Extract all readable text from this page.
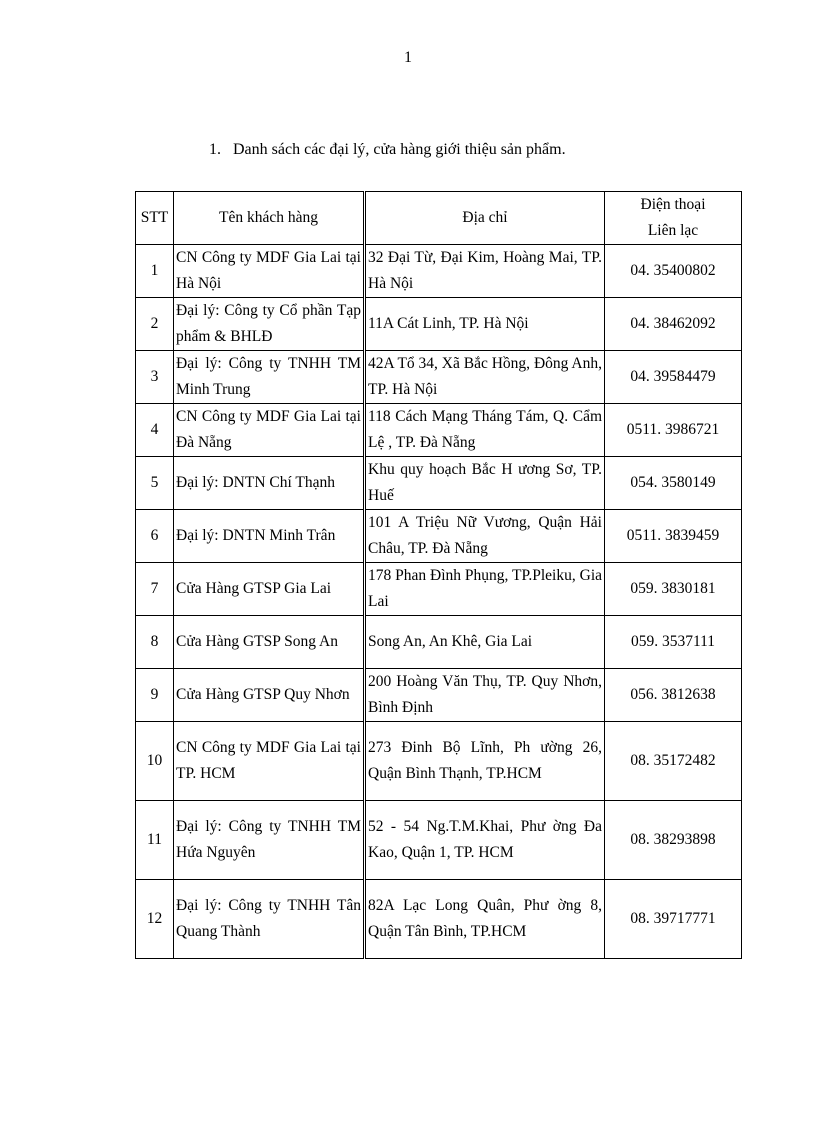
1
1. Danh sách các đại lý, cửa hàng giới thiệu sản phẩm.
STT	Tên khách hàng	Địa chỉ	Điện thoại
Liên lạc

1	CN Công ty MDF Gia Lai tại Hà Nội	32 Đại Từ, Đại Kim, Hoàng Mai, TP. Hà Nội	04. 35400802
2	Đại lý: Công ty Cổ phần Tạp phẩm & BHLĐ	11A Cát Linh, TP. Hà Nội	04. 38462092
3	Đại lý: Công ty TNHH TM Minh Trung	42A Tổ 34, Xã Bắc Hồng, Đông Anh, TP. Hà Nội	04. 39584479
4	CN Công ty MDF Gia Lai tại Đà Nẵng	118 Cách Mạng Tháng Tám, Q. Cẩm Lệ , TP. Đà Nẵng	0511. 3986721
5	Đại lý: DNTN Chí Thạnh	Khu quy hoạch Bắc H ương Sơ, TP. Huế	054. 3580149
6	Đại lý: DNTN Minh Trân	101 A Triệu Nữ Vương, Quận Hải Châu, TP. Đà Nẵng	0511. 3839459
7	Cửa Hàng GTSP Gia Lai	178 Phan Đình Phụng, TP.Pleiku, Gia Lai	059. 3830181
8	Cửa Hàng GTSP Song An	Song An, An Khê, Gia Lai	059. 3537111
9	Cửa Hàng GTSP Quy Nhơn	200 Hoàng Văn Thụ, TP. Quy Nhơn, Bình Định	056. 3812638
10	CN Công ty MDF Gia Lai tại TP. HCM	273 Đinh Bộ Lĩnh, Ph ường 26, Quận Bình Thạnh, TP.HCM	08. 35172482
11	Đại lý: Công ty TNHH TM Hứa Nguyên	52 - 54 Ng.T.M.Khai, Phư ờng Đa Kao, Quận 1, TP. HCM	08. 38293898
12	Đại lý: Công ty TNHH Tân Quang Thành	82A Lạc Long Quân, Phư ờng 8, Quận Tân Bình, TP.HCM	08. 39717771
